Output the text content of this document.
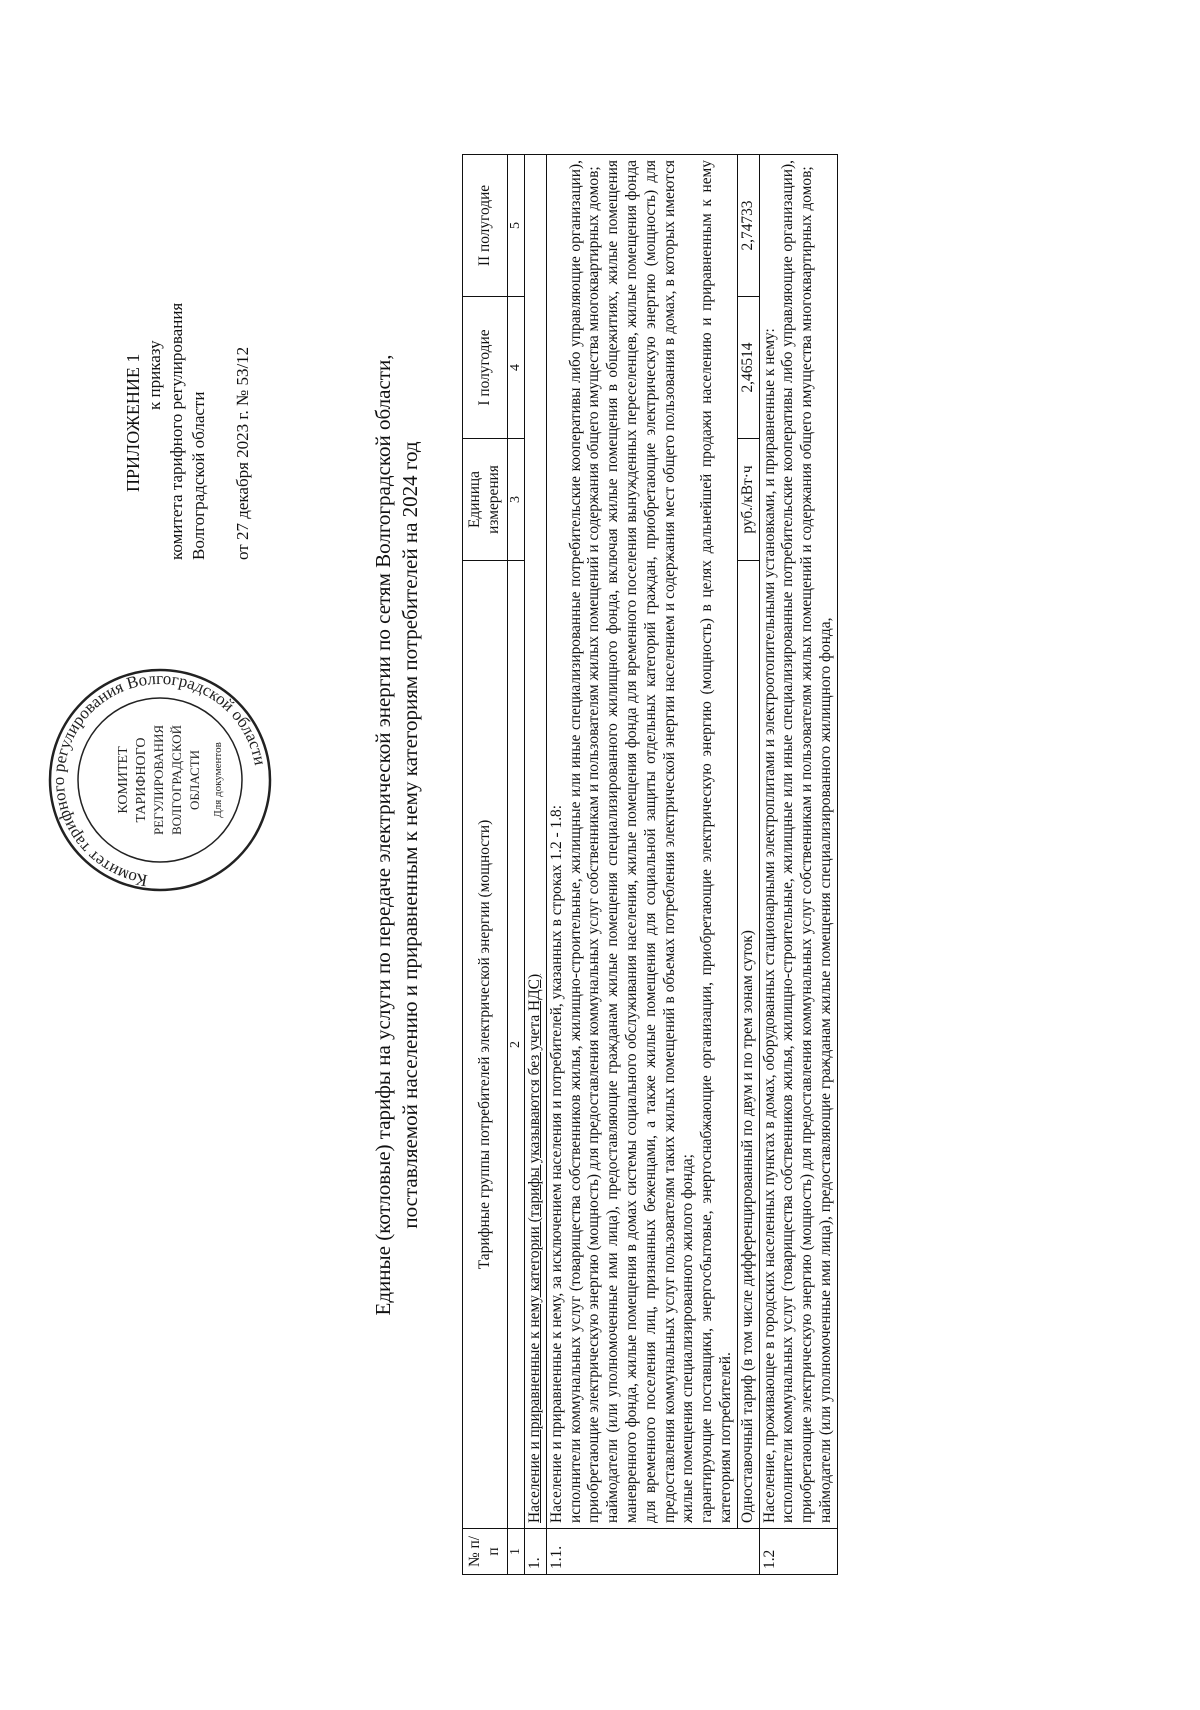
Комитет тарифного регулирования Волгоградской области
КОМИТЕТ ТАРИФНОГО РЕГУЛИРОВАНИЯ ВОЛГОГРАДСКОЙ ОБЛАСТИ Для документов
ПРИЛОЖЕНИЕ 1 к приказу комитета тарифного регулирования Волгоградской области от 27 декабря 2023 г. № 53/12	Единые (котловые) тарифы на услуги по передаче электрической энергии по сетям Волгоградской области, поставляемой населению и приравненным к нему категориям потребителей на 2024 год
№ п/п	Тарифные группы потребителей электрической энергии (мощности)	Единица измерения	I полугодие	II полугодие
1	2	3	4	5
1.	Население и приравненные к нему категории (тарифы указываются без учета НДС)			
1.1.	Население и приравненные к нему, за исключением населения и потребителей, указанных в строках 1.2 - 1.8: исполнители коммунальных услуг (товарищества собственников жилья, жилищно-строительные, жилищные или иные специализированные потребительские кооперативы либо управляющие организации), приобретающие электрическую энергию (мощность) для предоставления коммунальных услуг собственникам и пользователям жилых помещений и содержания общего имущества многоквартирных домов; наймодатели (или уполномоченные ими лица), предоставляющие гражданам жилые помещения специализированного жилищного фонда, включая жилые помещения в общежитиях, жилые помещения маневренного фонда, жилые помещения в домах системы социального обслуживания населения, жилые помещения фонда для временного поселения вынужденных переселенцев, жилые помещения фонда для временного поселения лиц, признанных беженцами, а также жилые помещения для социальной защиты отдельных категорий граждан, приобретающие электрическую энергию (мощность) для предоставления коммунальных услуг пользователям таких жилых помещений в объемах потребления электрической энергии населением и содержания мест общего пользования в домах, в которых имеются жилые помещения специализированного жилого фонда; гарантирующие поставщики, энергосбытовые, энергоснабжающие организации, приобретающие электрическую энергию (мощность) в целях дальнейшей продажи населению и приравненным к нему категориям потребителей.			

	Одноставочный тариф (в том числе дифференцированный по двум и по трем зонам суток)	руб./кВт·ч	2,46514	2,74733
1.2	Население, проживающее в городских населенных пунктах в домах, оборудованных стационарными электроплитами и электроотопительными установками, и приравненные к нему: исполнители коммунальных услуг (товарищества собственников жилья, жилищно-строительные, жилищные или иные специализированные потребительские кооперативы либо управляющие организации), приобретающие электрическую энергию (мощность) для предоставления коммунальных услуг собственникам и пользователям жилых помещений и содержания общего имущества многоквартирных домов; наймодатели (или уполномоченные ими лица), предоставляющие гражданам жилые помещения специализированного жилищного фонда,			
